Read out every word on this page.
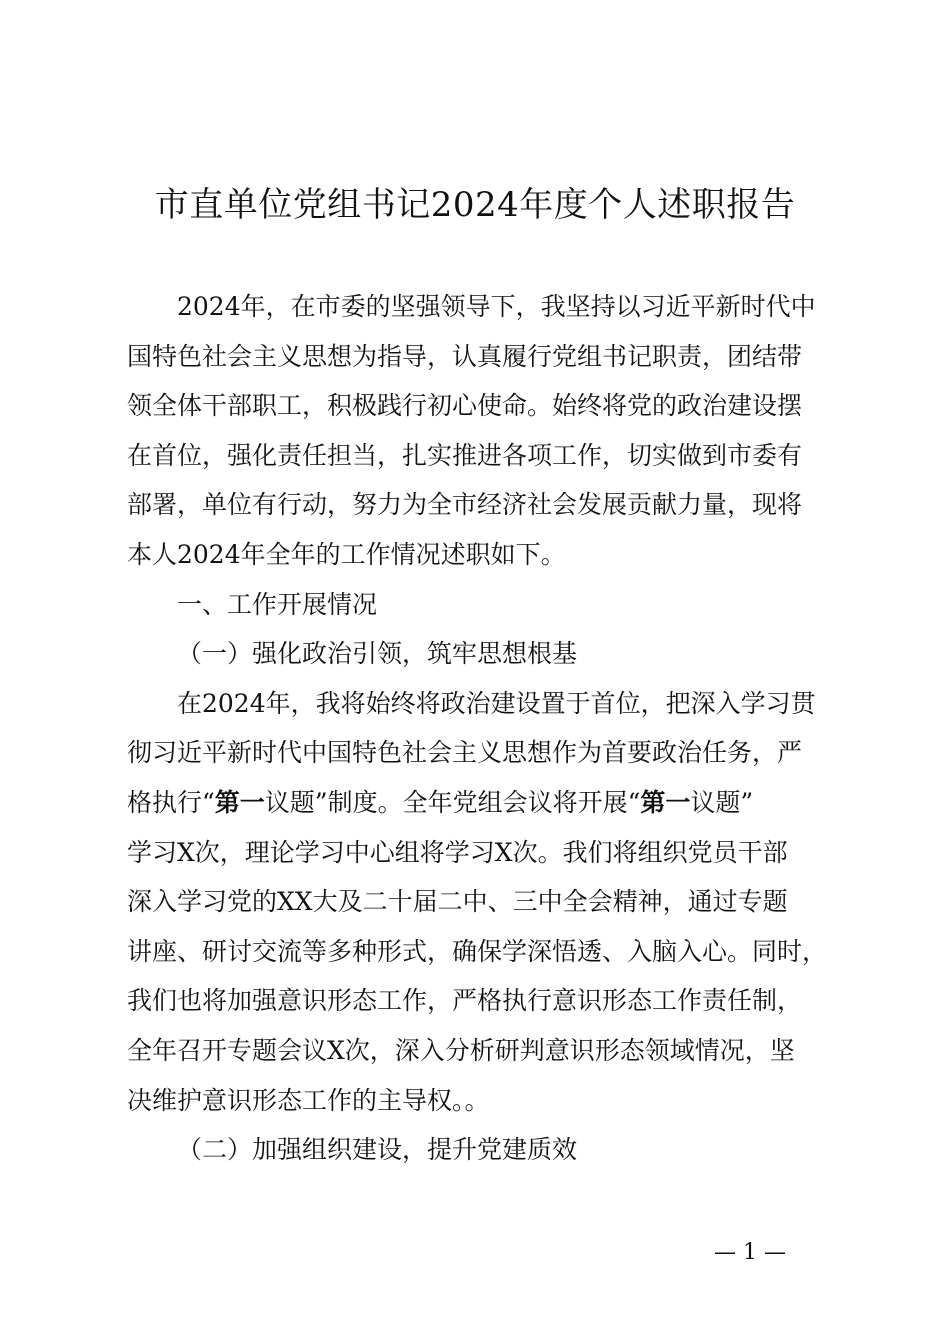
市直单位党组书记2024年度个人述职报告
2024年，在市委的坚强领导下，我坚持以习近平新时代中
国特色社会主义思想为指导，认真履行党组书记职责，团结带
领全体干部职工，积极践行初心使命。始终将党的政治建设摆
在首位，强化责任担当，扎实推进各项工作，切实做到市委有
部署，单位有行动，努力为全市经济社会发展贡献力量，现将
本人2024年全年的工作情况述职如下。
一、工作开展情况
（一）强化政治引领，筑牢思想根基
在2024年，我将始终将政治建设置于首位，把深入学习贯
彻习近平新时代中国特色社会主义思想作为首要政治任务，严
格执行“第一议题”制度。全年党组会议将开展“第一议题”
学习X次，理论学习中心组将学习X次。我们将组织党员干部
深入学习党的XX大及二十届二中、三中全会精神，通过专题
讲座、研讨交流等多种形式，确保学深悟透、入脑入心。同时，
我们也将加强意识形态工作，严格执行意识形态工作责任制，
全年召开专题会议X次，深入分析研判意识形态领域情况，坚
决维护意识形态工作的主导权。。
（二）加强组织建设，提升党建质效
— 1 —
